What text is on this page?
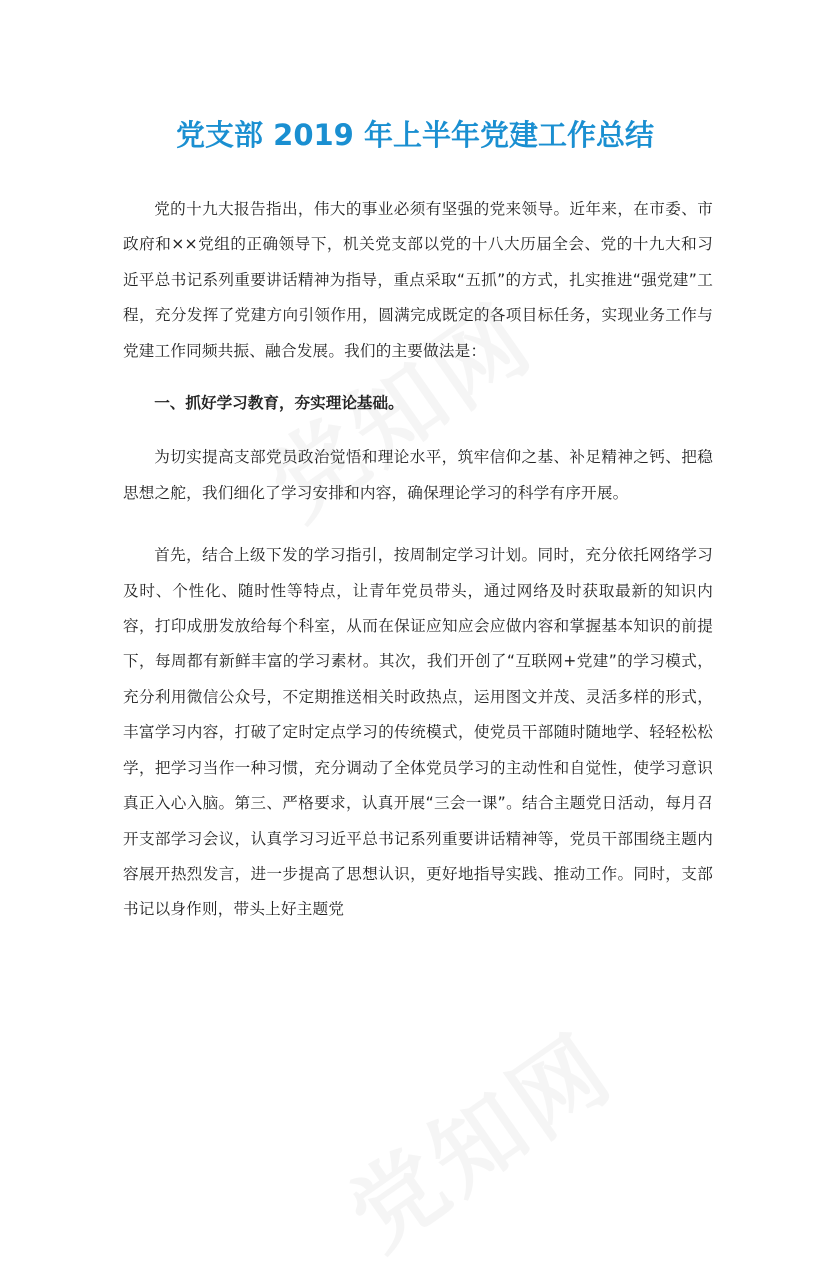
党支部 2019 年上半年党建工作总结

党的十九大报告指出，伟大的事业必须有坚强的党来领导。近年来，在市委、市政府和××党组的正确领导下，机关党支部以党的十八大历届全会、党的十九大和习近平总书记系列重要讲话精神为指导，重点采取“五抓”的方式，扎实推进“强党建”工程，充分发挥了党建方向引领作用，圆满完成既定的各项目标任务，实现业务工作与党建工作同频共振、融合发展。我们的主要做法是：

一、抓好学习教育，夯实理论基础。

为切实提高支部党员政治觉悟和理论水平，筑牢信仰之基、补足精神之钙、把稳思想之舵，我们细化了学习安排和内容，确保理论学习的科学有序开展。

首先，结合上级下发的学习指引，按周制定学习计划。同时，充分依托网络学习及时、个性化、随时性等特点，让青年党员带头，通过网络及时获取最新的知识内容，打印成册发放给每个科室，从而在保证应知应会应做内容和掌握基本知识的前提下，每周都有新鲜丰富的学习素材。其次，我们开创了“互联网+党建”的学习模式，充分利用微信公众号，不定期推送相关时政热点，运用图文并茂、灵活多样的形式，丰富学习内容，打破了定时定点学习的传统模式，使党员干部随时随地学、轻轻松松学，把学习当作一种习惯，充分调动了全体党员学习的主动性和自觉性，使学习意识真正入心入脑。第三、严格要求，认真开展“三会一课”。结合主题党日活动，每月召开支部学习会议，认真学习习近平总书记系列重要讲话精神等，党员干部围绕主题内容展开热烈发言，进一步提高了思想认识，更好地指导实践、推动工作。同时，支部书记以身作则，带头上好主题党
